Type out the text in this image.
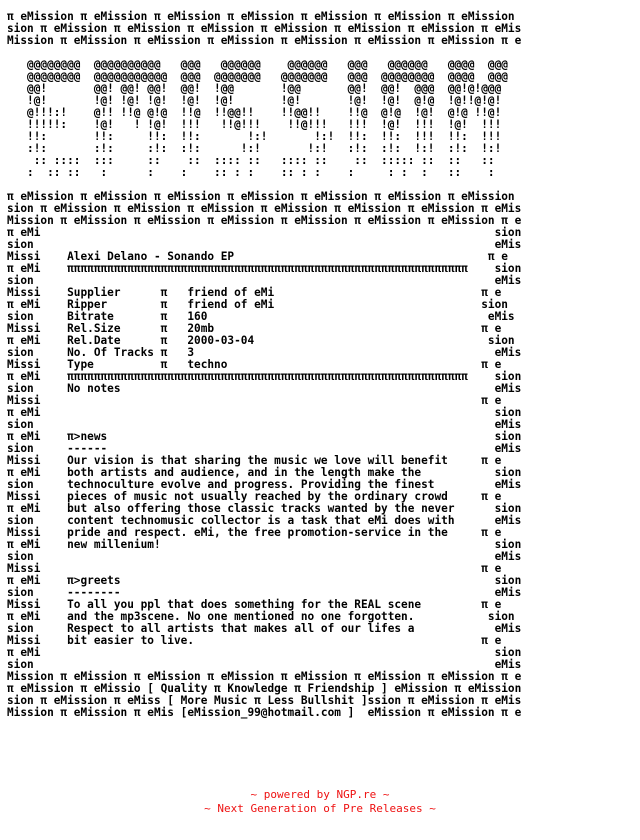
π eMission π eMission π eMission π eMission π eMission π eMission π eMission
sion π eMission π eMission π eMission π eMission π eMission π eMission π eMis
Mission π eMission π eMission π eMission π eMission π eMission π eMission π e
@@@@@@@@  @@@@@@@@@@   @@@   @@@@@@    @@@@@@   @@@   @@@@@@   @@@@  @@@
@@@@@@@@  @@@@@@@@@@@  @@@  @@@@@@@   @@@@@@@   @@@  @@@@@@@@  @@@@  @@@
@@!       @@! @@! @@!  @@!  !@@       !@@       @@!  @@!  @@@  @@!@!@@@
!@!       !@! !@! !@!  !@!  !@!       !@!       !@!  !@!  @!@  !@!!@!@!
@!!!:!    @!! !!@ @!@  !!@  !!@@!!    !!@@!!    !!@  @!@  !@!  @!@ !!@!
!!!!!:    !@!   ! !@!  !!!   !!@!!!    !!@!!!   !!!  !@!  !!!  !@!  !!!
!!:       !!:     !!:  !!:       !:!       !:!  !!:  !!:  !!!  !!:  !!!
:!:       :!:     :!:  :!:      !:!       !:!   :!:  :!:  !:!  :!:  !:!
:: ::::  :::     ::    ::  :::: ::   :::: ::    ::  ::::: ::  ::   ::
:  :: ::   :      :    :    :: : :    :: : :    :     : :  :   ::    :
π eMission π eMission π eMission π eMission π eMission π eMission π eMission
sion π eMission π eMission π eMission π eMission π eMission π eMission π eMis
Mission π eMission π eMission π eMission π eMission π eMission π eMission π e
π eMi                                                                    sion
sion                                                                     eMis
Missi    Alexi Delano - Sonando EP                                      π e
π eMi    ππππππππππππππππππππππππππππππππππππππππππππππππππππππππππππ    sion
sion                                                                     eMis
Missi    Supplier      π   friend of eMi                               π e
π eMi    Ripper        π   friend of eMi                               sion
sion     Bitrate       π   160                                          eMis
Missi    Rel.Size      π   20mb                                        π e
π eMi    Rel.Date      π   2000-03-04                                   sion
sion     No. Of Tracks π   3                                             eMis
Missi    Type          π   techno                                      π e
π eMi    ππππππππππππππππππππππππππππππππππππππππππππππππππππππππππππ    sion
sion     No notes                                                        eMis
Missi                                                                  π e
π eMi                                                                    sion
sion                                                                     eMis
π eMi    π>news                                                          sion
sion     ------                                                          eMis
Missi    Our vision is that sharing the music we love will benefit     π e
π eMi    both artists and audience, and in the length make the           sion
sion     technoculture evolve and progress. Providing the finest         eMis
Missi    pieces of music not usually reached by the ordinary crowd     π e
π eMi    but also offering those classic tracks wanted by the never      sion
sion     content technomusic collector is a task that eMi does with      eMis
Missi    pride and respect. eMi, the free promotion-service in the     π e
π eMi    new millenium!                                                  sion
sion                                                                     eMis
Missi                                                                  π e
π eMi    π>greets                                                        sion
sion     --------                                                        eMis
Missi    To all you ppl that does something for the REAL scene         π e
π eMi    and the mp3scene. No one mentioned no one forgotten.           sion
sion     Respect to all artists that makes all of our lifes a            eMis
Missi    bit easier to live.                                           π e
π eMi                                                                    sion
sion                                                                     eMis
Mission π eMission π eMission π eMission π eMission π eMission π eMission π e
π eMission π eMissio [ Quality π Knowledge π Friendship ] eMission π eMission
sion π eMission π eMiss [ More Music π Less Bullshit ]ssion π eMission π eMis
Mission π eMission π eMis [eMission_99@hotmail.com ]  eMission π eMission π e
~ powered by NGP.re ~
~ Next Generation of Pre Releases ~
